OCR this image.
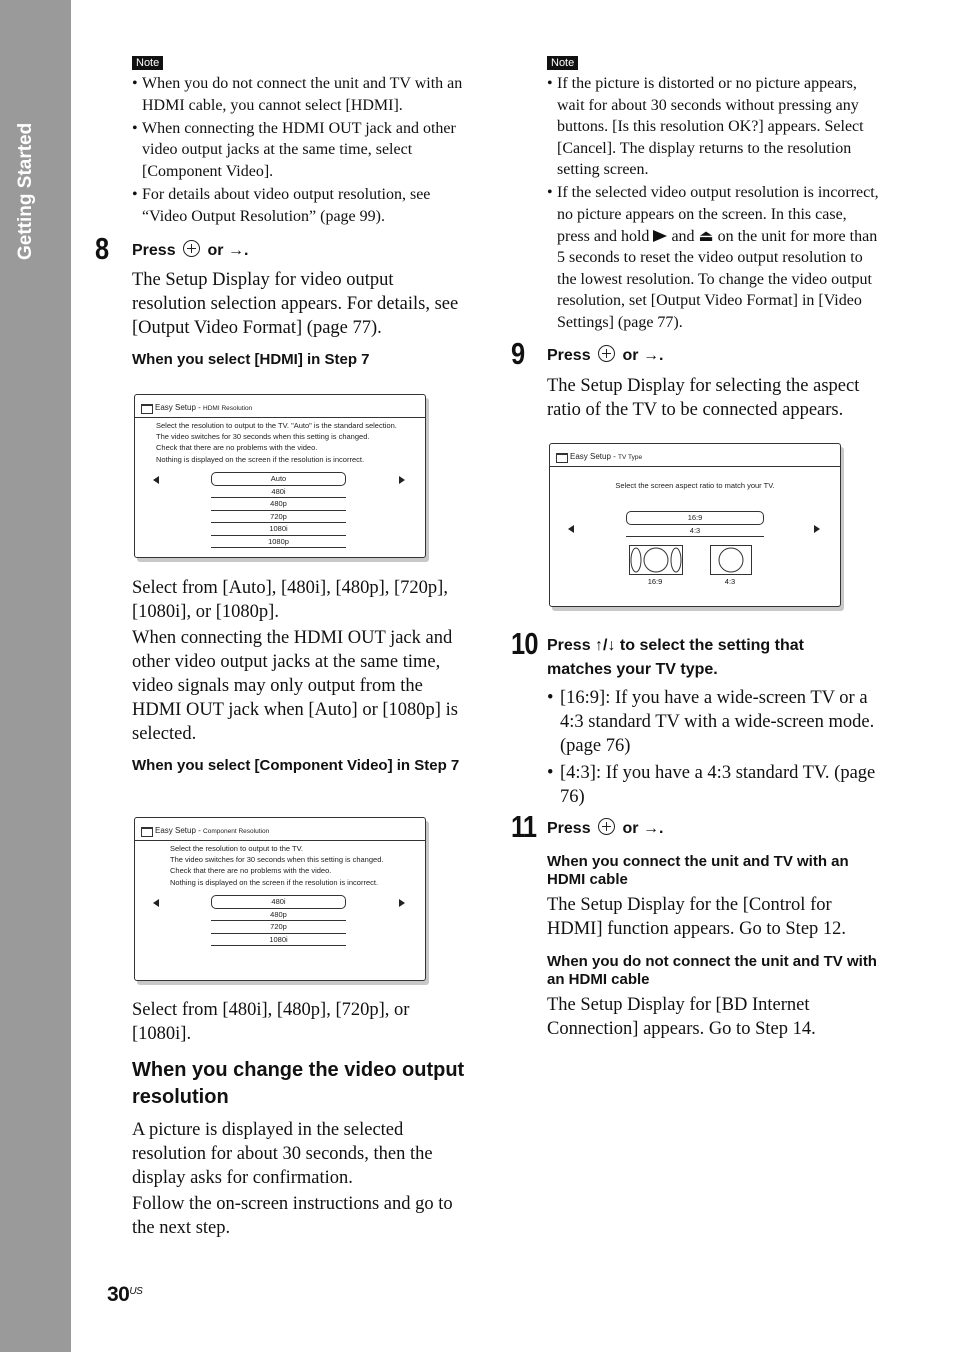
Getting Started
Note
• When you do not connect the unit and TV with an HDMI cable, you cannot select [HDMI].
• When connecting the HDMI OUT jack and other video output jacks at the same time, select [Component Video].
• For details about video output resolution, see “Video Output Resolution” (page 99).
8 Press or →.
The Setup Display for video output resolution selection appears. For details, see [Output Video Format] (page 77).
When you select [HDMI] in Step 7
Easy Setup - HDMI Resolution
Select the resolution to output to the TV. "Auto" is the standard selection.
The video switches for 30 seconds when this setting is changed.
Check that there are no problems with the video.
Nothing is displayed on the screen if the resolution is incorrect.
Auto
480i
480p
720p
1080i
1080p
Select from [Auto], [480i], [480p], [720p], [1080i], or [1080p].
When connecting the HDMI OUT jack and other video output jacks at the same time, video signals may only output from the HDMI OUT jack when [Auto] or [1080p] is selected.
When you select [Component Video] in Step 7
Easy Setup - Component Resolution
Select the resolution to output to the TV.
The video switches for 30 seconds when this setting is changed.
Check that there are no problems with the video.
Nothing is displayed on the screen if the resolution is incorrect.
480i
480p
720p
1080i
Select from [480i], [480p], [720p], or [1080i].
When you change the video output resolution
A picture is displayed in the selected resolution for about 30 seconds, then the display asks for confirmation.
Follow the on-screen instructions and go to the next step.
$30^{US}$
Note
• If the picture is distorted or no picture appears, wait for about 30 seconds without pressing any buttons. [Is this resolution OK?] appears. Select [Cancel]. The display returns to the resolution setting screen.
• If the selected video output resolution is incorrect, no picture appears on the screen. In this case, press and hold and ⏏ on the unit for more than 5 seconds to reset the video output resolution to the lowest resolution. To change the video output resolution, set [Output Video Format] in [Video Settings] (page 77).
9 Press or →.
The Setup Display for selecting the aspect ratio of the TV to be connected appears.
Easy Setup - TV Type
Select the screen aspect ratio to match your TV.
16:9
4:3
16:9	4:3
10 Press ↑/↓ to select the setting that
matches your TV type.
• [16:9]: If you have a wide-screen TV or a 4:3 standard TV with a wide-screen mode. (page 76)
• [4:3]: If you have a 4:3 standard TV. (page 76)
11 Press or →.
When you connect the unit and TV with an HDMI cable
The Setup Display for the [Control for HDMI] function appears. Go to Step 12.
When you do not connect the unit and TV with an HDMI cable
The Setup Display for [BD Internet Connection] appears. Go to Step 14.
